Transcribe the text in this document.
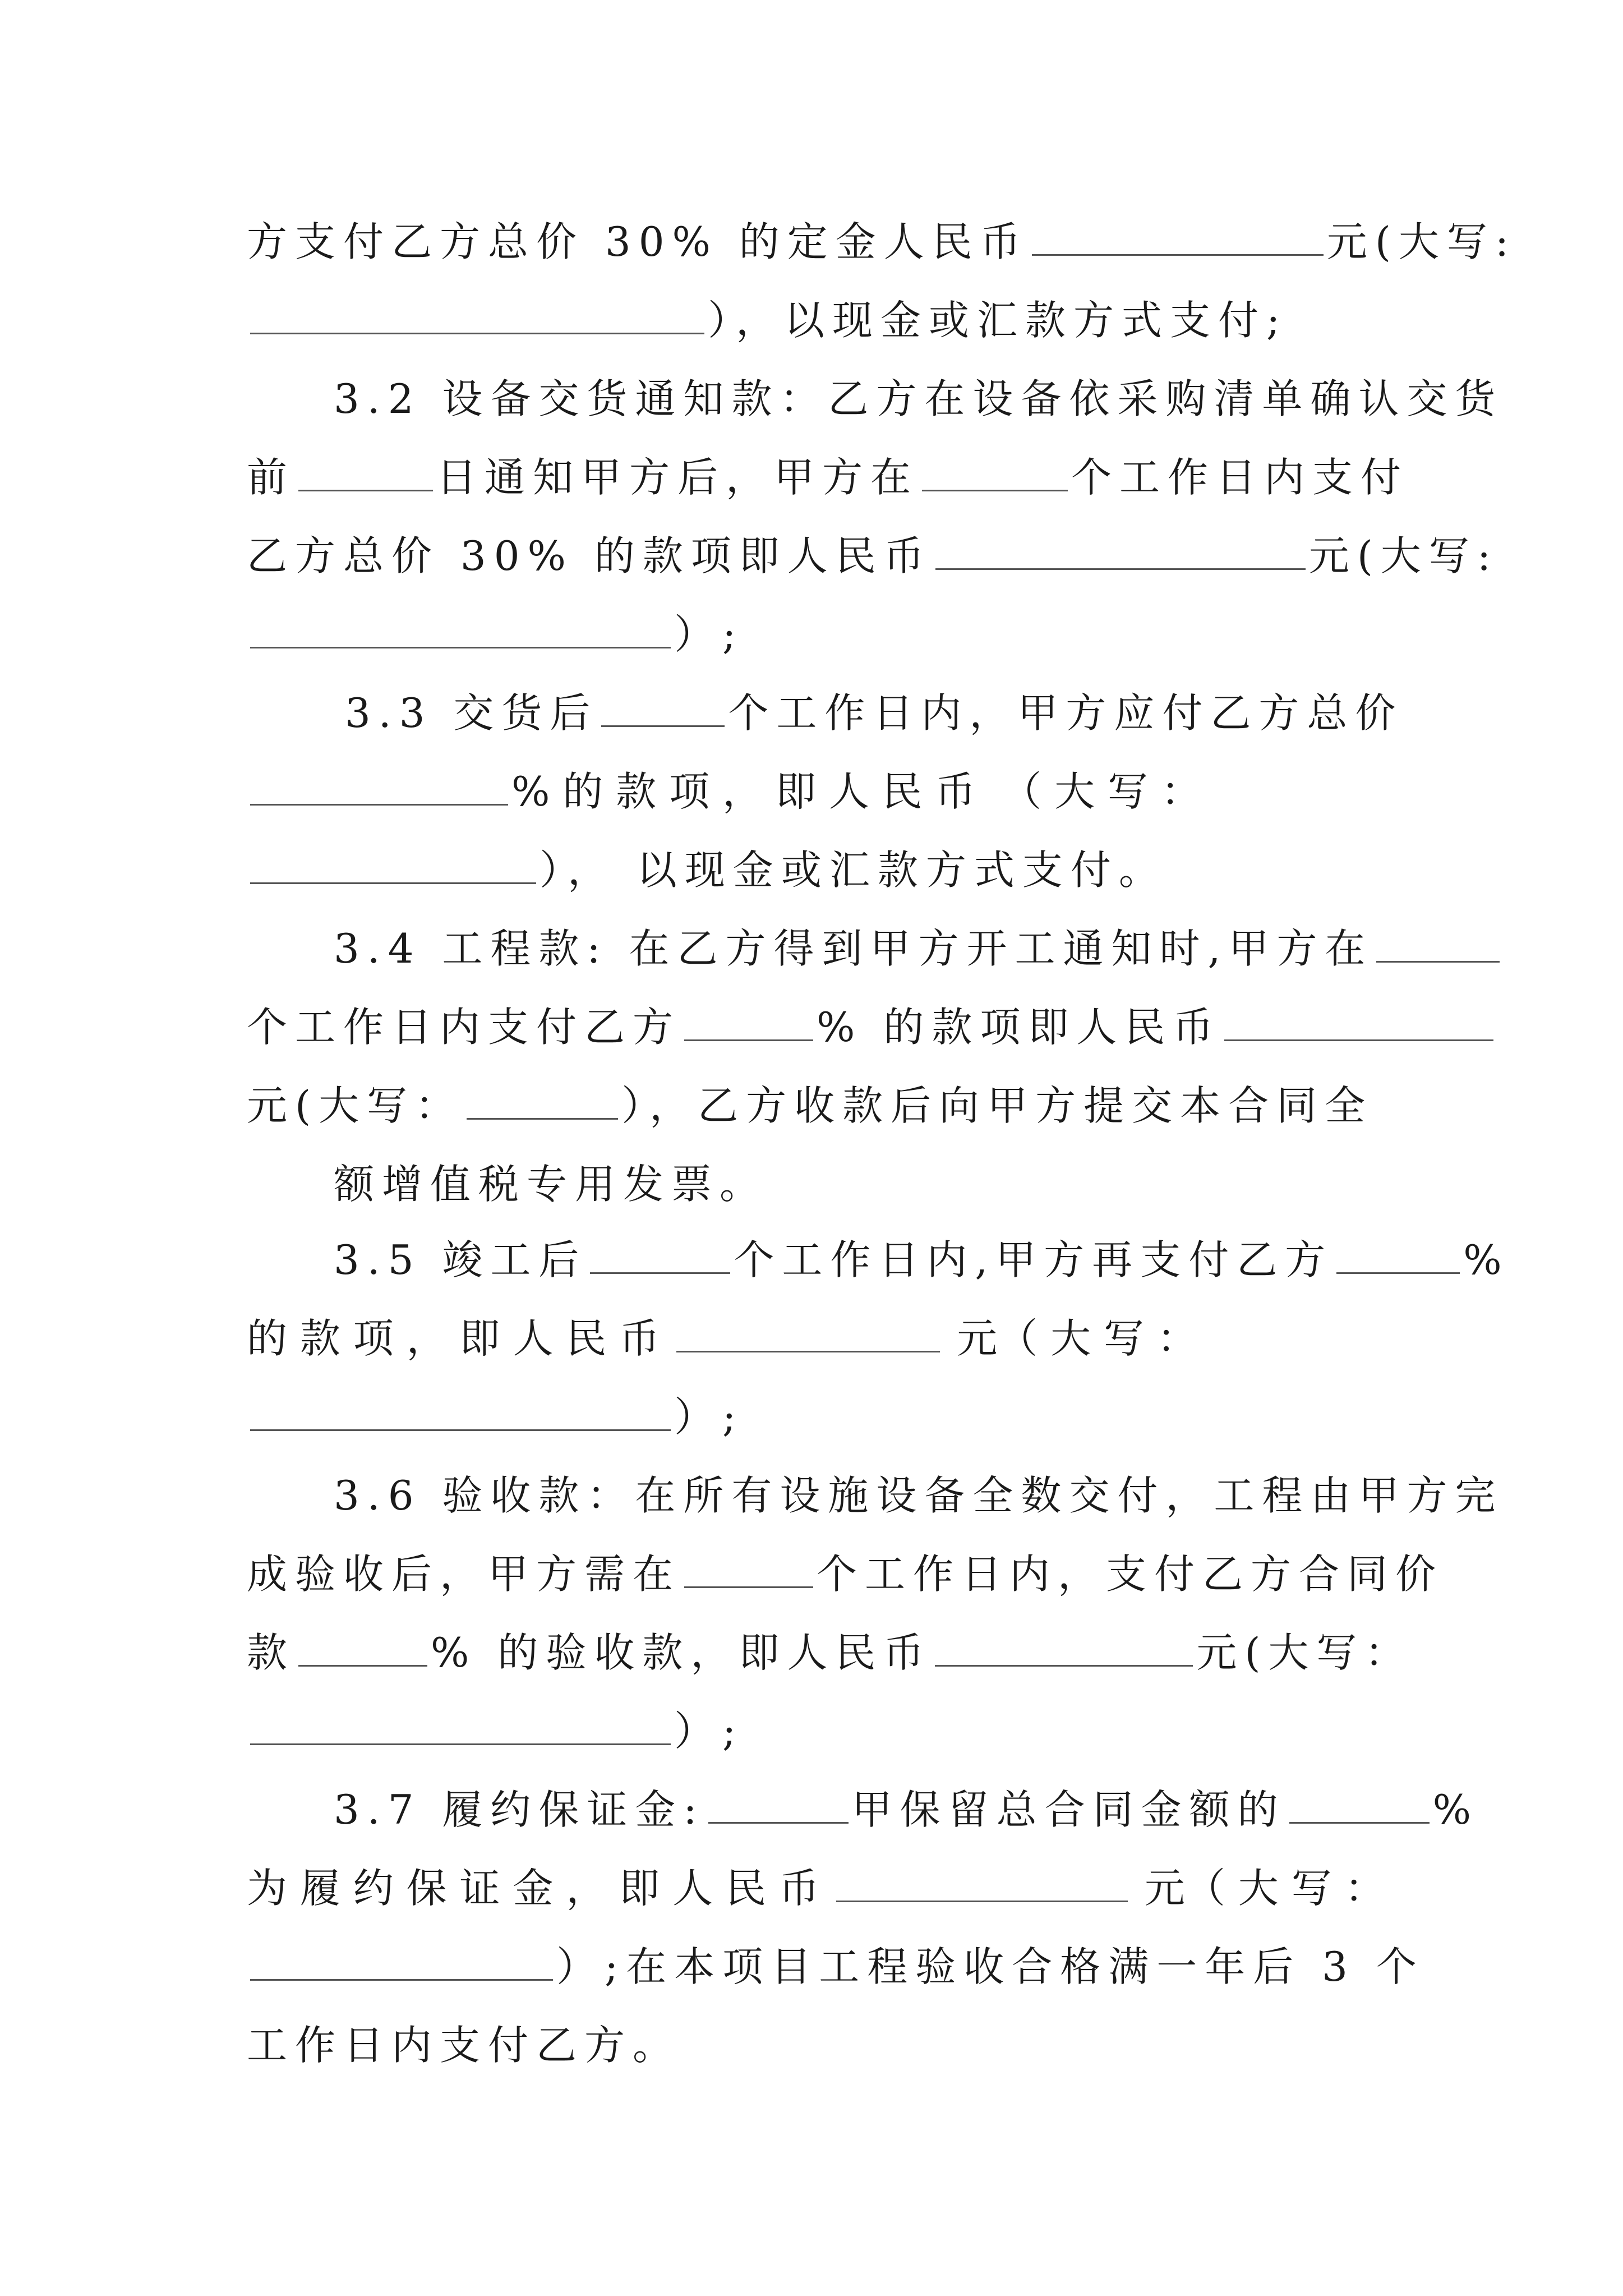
方支付乙方总价 30% 的定金人民币	元(大写:
），以现金或汇款方式支付;
3.2 设备交货通知款：乙方在设备依采购清单确认交货
前	日通知甲方后，甲方在	个工作日内支付
乙方总价 30% 的款项即人民币	元(大写:
）;
3.3 交货后	个工作日内，甲方应付乙方总价
% 的 款 项 ， 即 人 民 币  （ 大 写 ：
）， 以现金或汇款方式支付。
3.4 工程款: 在乙方得到甲方开工通知时,甲方在
个工作日内支付乙方	% 的款项即人民币
元(大写：	），乙方收款后向甲方提交本合同全
额增值税专用发票。
3.5 竣工后	个工作日内,甲方再支付乙方	%
的 款 项 ， 即 人 民 币	元（ 大 写 ：
）;
3.6 验收款：在所有设施设备全数交付，工程由甲方完
成验收后，甲方需在	个工作日内，支付乙方合同价
款	% 的验收款，即人民币	元(大写：
）;
3.7 履约保证金:	甲保留总合同金额的	%
为 履 约 保 证 金 ， 即 人 民 币	元（ 大 写 ：
）;在本项目工程验收合格满一年后 3 个
工作日内支付乙方。
